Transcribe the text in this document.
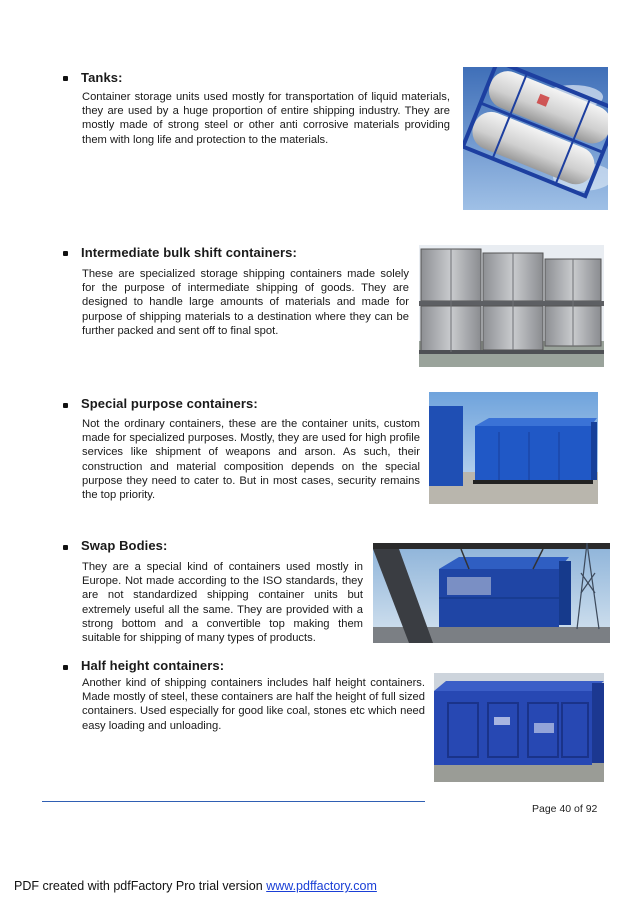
Tanks:
Container storage units used mostly for transportation of liquid materials, they are used by a huge proportion of entire shipping industry. They are mostly made of strong steel or other anti corrosive materials providing them with long life and protection to the materials.
Intermediate bulk shift containers:
These are specialized storage shipping containers made solely for the purpose of intermediate shipping of goods. They are designed to handle large amounts of materials and made for purpose of shipping materials to a destination where they can be further packed and sent off to final spot.
Special purpose containers:
Not the ordinary containers, these are the container units, custom made for specialized purposes. Mostly, they are used for high profile services like shipment of weapons and arson. As such, their construction and material composition depends on the special purpose they need to cater to. But in most cases, security remains the top priority.
Swap Bodies:
They are a special kind of containers used mostly in Europe. Not made according to the ISO standards, they are not standardized shipping container units but extremely useful all the same. They are provided with a strong bottom and a convertible top making them suitable for shipping of many types of products.
Half height containers:
Another kind of shipping containers includes half height containers. Made mostly of steel, these containers are half the height of full sized containers. Used especially for good like coal, stones etc which need easy loading and unloading.
Page 40 of 92
PDF created with pdfFactory Pro trial version www.pdffactory.com
